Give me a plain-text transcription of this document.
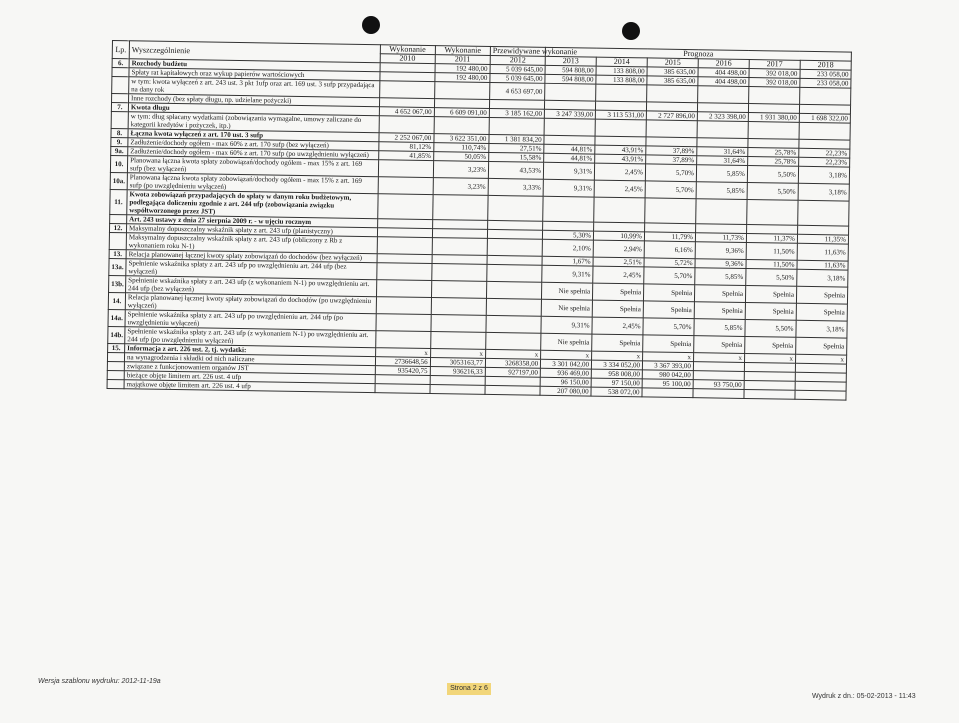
Lp.	Wyszczególnienie	Wykonanie	Wykonanie	Przewidywane wykonanie	Prognoza					
		2010	2011	2012	2013	2014	2015	2016	2017	2018
6.	Rozchody budżetu		192 480,00	5 039 645,00	594 808,00	133 808,00	385 635,00	404 498,00	392 018,00	233 058,00
	Spłaty rat kapitałowych oraz wykup papierów wartościowych		192 480,00	5 039 645,00	594 808,00	133 808,00	385 635,00	404 498,00	392 018,00	233 058,00
	w tym: kwota wyłączeń z art. 243 ust. 3 pkt 1ufp oraz art. 169 ust. 3 sufp przypadająca na dany rok			4 653 697,00						
	Inne rozchody (bez spłaty długu, np. udzielane pożyczki)									
7.	Kwota długu	4 652 067,00	6 609 091,00	3 185 162,00	3 247 339,00	3 113 531,00	2 727 896,00	2 323 398,00	1 931 380,00	1 698 322,00
	w tym: dług spłacany wydatkami (zobowiązania wymagalne, umowy zaliczane do kategorii kredytów i pożyczek, itp.)									
8.	Łączna kwota wyłączeń z art. 170 ust. 3 sufp	2 252 067,00	3 622 351,00	1 381 834,20						
9.	Zadłużenie/dochody ogółem - max 60% z art. 170 sufp (bez wyłączeń)	81,12%	110,74%	27,51%	44,81%	43,91%	37,89%	31,64%	25,78%	22,23%
9a.	Zadłużenie/dochody ogółem - max 60% z art. 170 sufp (po uwzględnieniu wyłączeń)	41,85%	50,05%	15,58%	44,81%	43,91%	37,89%	31,64%	25,78%	22,23%
10.	Planowana łączna kwota spłaty zobowiązań/dochody ogółem - max 15% z art. 169 sufp (bez wyłączeń)		3,23%	43,53%	9,31%	2,45%	5,70%	5,85%	5,50%	3,18%
10a.	Planowana łączna kwota spłaty zobowiązań/dochody ogółem - max 15% z art. 169 sufp (po uwzględnieniu wyłączeń)		3,23%	3,33%	9,31%	2,45%	5,70%	5,85%	5,50%	3,18%
11.	Kwota zobowiązań przypadających do spłaty w danym roku budżetowym, podlegająca doliczeniu zgodnie z art. 244 ufp (zobowiązania związku współtworzonego przez JST)									
	Art. 243 ustawy z dnia 27 sierpnia 2009 r. - w ujęciu rocznym									
12.	Maksymalny dopuszczalny wskaźnik spłaty z art. 243 ufp (planistyczny)				5,30%	10,99%	11,79%	11,73%	11,37%	11,35%
	Maksymalny dopuszczalny wskaźnik spłaty z art. 243 ufp (obliczony z Rb z wykonaniem roku N-1)				2,10%	2,94%	6,16%	9,36%	11,50%	11,63%
13.	Relacja planowanej łącznej kwoty spłaty zobowiązań do dochodów (bez wyłączeń)				1,67%	2,51%	5,72%	9,36%	11,50%	11,63%
13a.	Spełnienie wskaźnika spłaty z art. 243 ufp po uwzględnieniu art. 244 ufp (bez wyłączeń)				9,31%	2,45%	5,70%	5,85%	5,50%	3,18%
13b.	Spełnienie wskaźnika spłaty z art. 243 ufp (z wykonaniem N-1) po uwzględnieniu art. 244 ufp (bez wyłączeń)				Nie spełnia	Spełnia	Spełnia	Spełnia	Spełnia	Spełnia
14.	Relacja planowanej łącznej kwoty spłaty zobowiązań do dochodów (po uwzględnieniu wyłączeń)				Nie spełnia	Spełnia	Spełnia	Spełnia	Spełnia	Spełnia
14a.	Spełnienie wskaźnika spłaty z art. 243 ufp po uwzględnieniu art. 244 ufp (po uwzględnieniu wyłączeń)				9,31%	2,45%	5,70%	5,85%	5,50%	3,18%
14b.	Spełnienie wskaźnika spłaty z art. 243 ufp (z wykonaniem N-1) po uwzględnieniu art. 244 ufp (po uwzględnieniu wyłączeń)				Nie spełnia	Spełnia	Spełnia	Spełnia	Spełnia	Spełnia
15.	Informacja z art. 226 ust. 2, tj. wydatki:	x	x	x	x	x	x	x	x	x
	na wynagrodzenia i składki od nich naliczane	2736648,56	3053163,77	3268358,00	3 301 042,00	3 334 052,00	3 367 393,00			
	związane z funkcjonowaniem organów JST	935420,75	936216,33	927197,00	936 469,00	958 008,00	980 042,00			
	bieżące objęte limitem art. 226 ust. 4 ufp				96 150,00	97 150,00	95 100,00	93 750,00		
	majątkowe objęte limitem art. 226 ust. 4 ufp				207 080,00	538 072,00				
Wersja szablonu wydruku: 2012-11-19a
Strona 2 z 6
Wydruk z dn.: 05-02-2013 - 11:43
